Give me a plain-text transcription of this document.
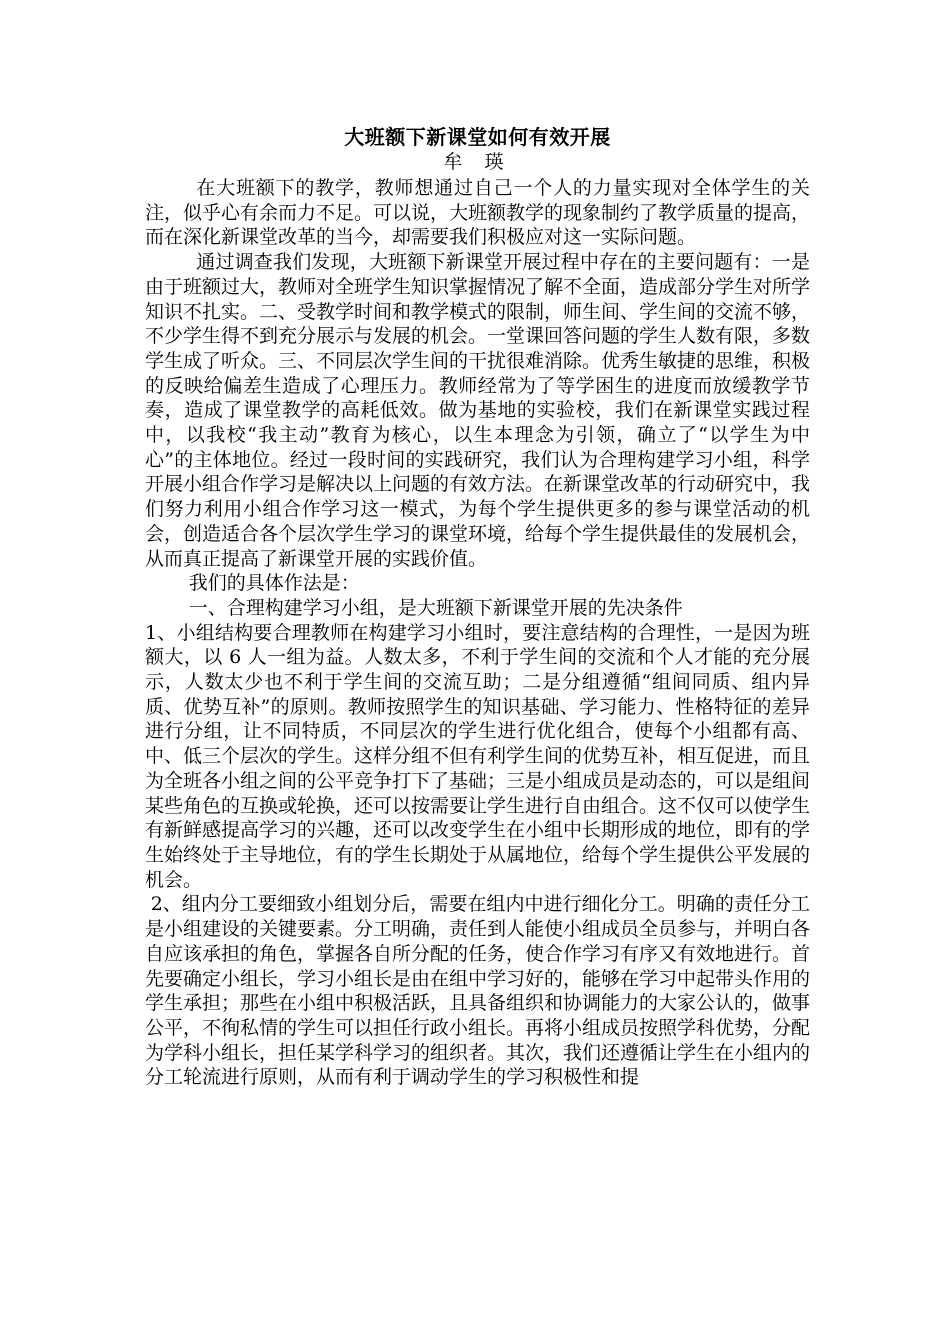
大班额下新课堂如何有效开展
牟 瑛

在大班额下的教学，教师想通过自己一个人的力量实现对全体学生的关注，似乎心有余而力不足。可以说，大班额教学的现象制约了教学质量的提高，而在深化新课堂改革的当今，却需要我们积极应对这一实际问题。

通过调查我们发现，大班额下新课堂开展过程中存在的主要问题有：一是由于班额过大，教师对全班学生知识掌握情况了解不全面，造成部分学生对所学知识不扎实。二、受教学时间和教学模式的限制，师生间、学生间的交流不够，不少学生得不到充分展示与发展的机会。一堂课回答问题的学生人数有限，多数学生成了听众。三、不同层次学生间的干扰很难消除。优秀生敏捷的思维，积极的反映给偏差生造成了心理压力。教师经常为了等学困生的进度而放缓教学节奏，造成了课堂教学的高耗低效。做为基地的实验校，我们在新课堂实践过程中，以我校“我主动”教育为核心，以生本理念为引领，确立了“以学生为中心”的主体地位。经过一段时间的实践研究，我们认为合理构建学习小组，科学开展小组合作学习是解决以上问题的有效方法。在新课堂改革的行动研究中，我们努力利用小组合作学习这一模式，为每个学生提供更多的参与课堂活动的机会，创造适合各个层次学生学习的课堂环境，给每个学生提供最佳的发展机会，从而真正提高了新课堂开展的实践价值。

我们的具体作法是：

一、合理构建学习小组，是大班额下新课堂开展的先决条件

1、小组结构要合理教师在构建学习小组时，要注意结构的合理性，一是因为班额大，以 6 人一组为益。人数太多，不利于学生间的交流和个人才能的充分展示，人数太少也不利于学生间的交流互助；二是分组遵循“组间同质、组内异质、优势互补”的原则。教师按照学生的知识基础、学习能力、性格特征的差异进行分组，让不同特质，不同层次的学生进行优化组合，使每个小组都有高、中、低三个层次的学生。这样分组不但有利学生间的优势互补，相互促进，而且为全班各小组之间的公平竞争打下了基础；三是小组成员是动态的，可以是组间某些角色的互换或轮换，还可以按需要让学生进行自由组合。这不仅可以使学生有新鲜感提高学习的兴趣，还可以改变学生在小组中长期形成的地位，即有的学生始终处于主导地位，有的学生长期处于从属地位，给每个学生提供公平发展的机会。

2、组内分工要细致小组划分后，需要在组内中进行细化分工。明确的责任分工是小组建设的关键要素。分工明确，责任到人能使小组成员全员参与，并明白各自应该承担的角色，掌握各自所分配的任务，使合作学习有序又有效地进行。首先要确定小组长，学习小组长是由在组中学习好的，能够在学习中起带头作用的学生承担；那些在小组中积极活跃，且具备组织和协调能力的大家公认的，做事公平，不徇私情的学生可以担任行政小组长。再将小组成员按照学科优势，分配为学科小组长，担任某学科学习的组织者。其次，我们还遵循让学生在小组内的分工轮流进行原则，从而有利于调动学生的学习积极性和提
